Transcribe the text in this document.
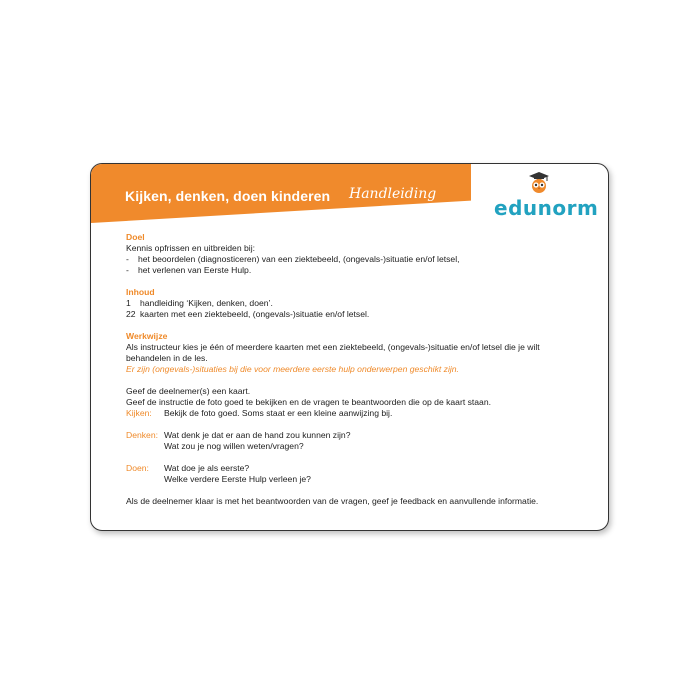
Kijken, denken, doen kinderen Handleiding
edunorm
Doel
Kennis opfrissen en uitbreiden bij:
-	het beoordelen (diagnosticeren) van een ziektebeeld, (ongevals-)situatie en/of letsel,
-	het verlenen van Eerste Hulp.
Inhoud
1	handleiding ‘Kijken, denken, doen’.
22 kaarten met een ziektebeeld, (ongevals-)situatie en/of letsel.
Werkwijze
Als instructeur kies je één of meerdere kaarten met een ziektebeeld, (ongevals-)situatie en/of letsel die je wilt
behandelen in de les.
Er zijn (ongevals-)situaties bij die voor meerdere eerste hulp onderwerpen geschikt zijn.
Geef de deelnemer(s) een kaart.
Geef de instructie de foto goed te bekijken en de vragen te beantwoorden die op de kaart staan.
Kijken:	Bekijk de foto goed. Soms staat er een kleine aanwijzing bij.
Denken: Wat denk je dat er aan de hand zou kunnen zijn?
Wat zou je nog willen weten/vragen?
Doen:	Wat doe je als eerste?
Welke verdere Eerste Hulp verleen je?
Als de deelnemer klaar is met het beantwoorden van de vragen, geef je feedback en aanvullende informatie.
